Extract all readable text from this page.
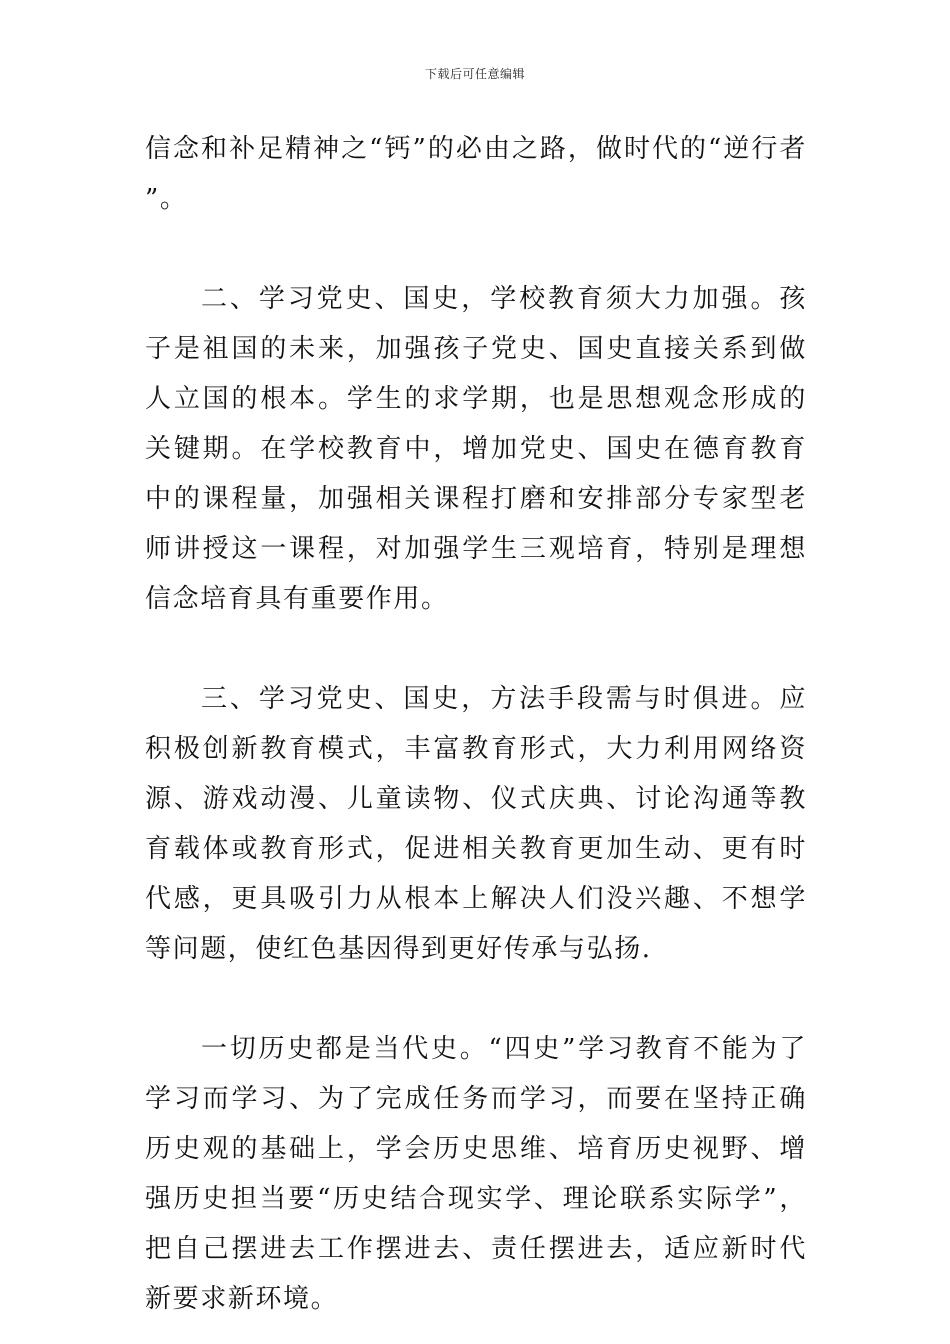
下载后可任意编辑

信念和补足精神之“钙”的必由之路，做时代的“逆行者”。

二、学习党史、国史，学校教育须大力加强。孩子是祖国的未来，加强孩子党史、国史直接关系到做人立国的根本。学生的求学期，也是思想观念形成的关键期。在学校教育中，增加党史、国史在德育教育中的课程量，加强相关课程打磨和安排部分专家型老师讲授这一课程，对加强学生三观培育，特别是理想信念培育具有重要作用。

三、学习党史、国史，方法手段需与时俱进。应积极创新教育模式，丰富教育形式，大力利用网络资源、游戏动漫、儿童读物、仪式庆典、讨论沟通等教育载体或教育形式，促进相关教育更加生动、更有时代感，更具吸引力从根本上解决人们没兴趣、不想学等问题，使红色基因得到更好传承与弘扬.

一切历史都是当代史。“四史”学习教育不能为了学习而学习、为了完成任务而学习，而要在坚持正确历史观的基础上，学会历史思维、培育历史视野、增强历史担当要“历史结合现实学、理论联系实际学”，把自己摆进去工作摆进去、责任摆进去，适应新时代新要求新环境。
